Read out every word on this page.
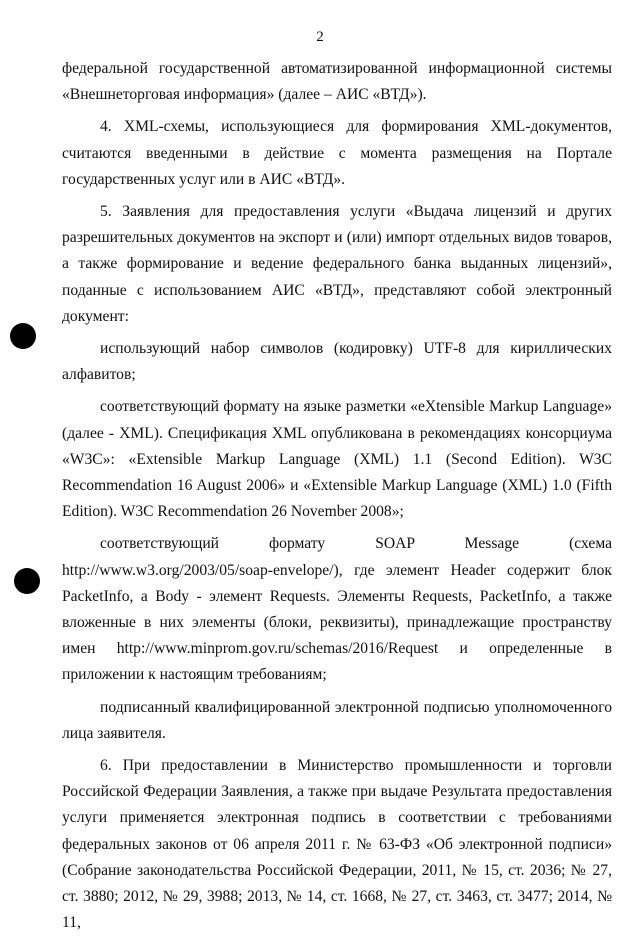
2

федеральной государственной автоматизированной информационной системы «Внешнеторговая информация» (далее – АИС «ВТД»).

4. XML-схемы, использующиеся для формирования XML-документов, считаются введенными в действие с момента размещения на Портале государственных услуг или в АИС «ВТД».

5. Заявления для предоставления услуги «Выдача лицензий и других разрешительных документов на экспорт и (или) импорт отдельных видов товаров, а также формирование и ведение федерального банка выданных лицензий», поданные с использованием АИС «ВТД», представляют собой электронный документ:

использующий набор символов (кодировку) UTF-8 для кириллических алфавитов;

соответствующий формату на языке разметки «eXtensible Markup Language» (далее - XML). Спецификация XML опубликована в рекомендациях консорциума «W3C»: «Extensible Markup Language (XML) 1.1 (Second Edition). W3C Recommendation 16 August 2006» и «Extensible Markup Language (XML) 1.0 (Fifth Edition). W3C Recommendation 26 November 2008»;

соответствующий формату SOAP Message (схема http://www.w3.org/2003/05/soap-envelope/), где элемент Header содержит блок PacketInfo, а Body - элемент Requests. Элементы Requests, PacketInfo, а также вложенные в них элементы (блоки, реквизиты), принадлежащие пространству имен http://www.minprom.gov.ru/schemas/2016/Request и определенные в приложении к настоящим требованиям;

подписанный квалифицированной электронной подписью уполномоченного лица заявителя.

6. При предоставлении в Министерство промышленности и торговли Российской Федерации Заявления, а также при выдаче Результата предоставления услуги применяется электронная подпись в соответствии с требованиями федеральных законов от 06 апреля 2011 г. № 63-ФЗ «Об электронной подписи» (Собрание законодательства Российской Федерации, 2011, № 15, ст. 2036; № 27, ст. 3880; 2012, № 29, 3988; 2013, № 14, ст. 1668, № 27, ст. 3463, ст. 3477; 2014, № 11,
